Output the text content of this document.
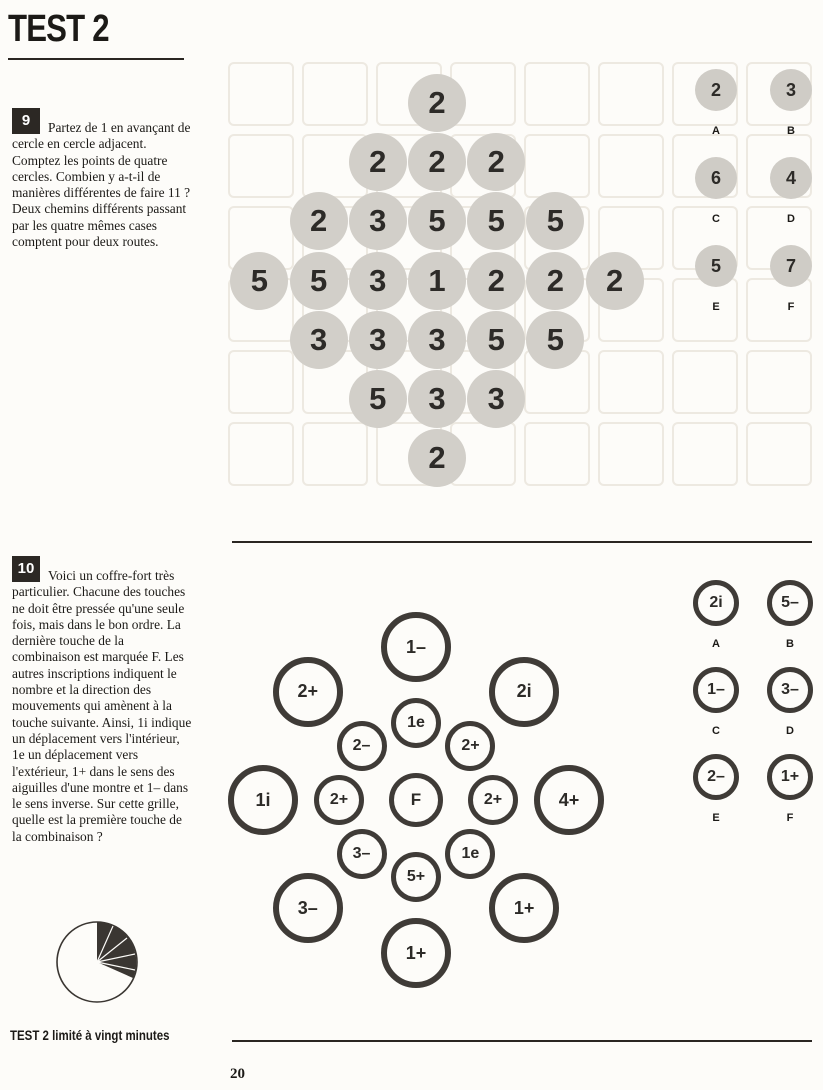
TEST 2
9	Partez de 1 en avançant de cercle en cercle adjacent. Comptez les points de quatre cercles. Combien y a-t-il de manières différentes de faire 11 ? Deux chemins différents passant par les quatre mêmes cases comptent pour deux routes.
2
2	2	2
2	3	5	5	5
5	5	3	1	2	2	2
3	3	3	5	5
5	3	3
2
2
A
3
B
6
C
4
D
5
E
7
F
10	Voici un coffre-fort très particulier. Chacune des touches ne doit être pressée qu'une seule fois, mais dans le bon ordre. La dernière touche de la combinaison est marquée F. Les autres inscriptions indiquent le nombre et la direction des mouvements qui amènent à la touche suivante. Ainsi, 1i indique un déplacement vers l'intérieur, 1e un déplacement vers l'extérieur, 1+ dans le sens des aiguilles d'une montre et 1– dans le sens inverse. Sur cette grille, quelle est la première touche de la combinaison ?
F
1e
2+
2+
1e
5+
3–
2+
2–
1–
2i
4+
1+
1+
3–
1i
2+
2i
A
5–
B
1–
C
3–
D
2–
E
1+
F
TEST 2 limité à vingt minutes
20
